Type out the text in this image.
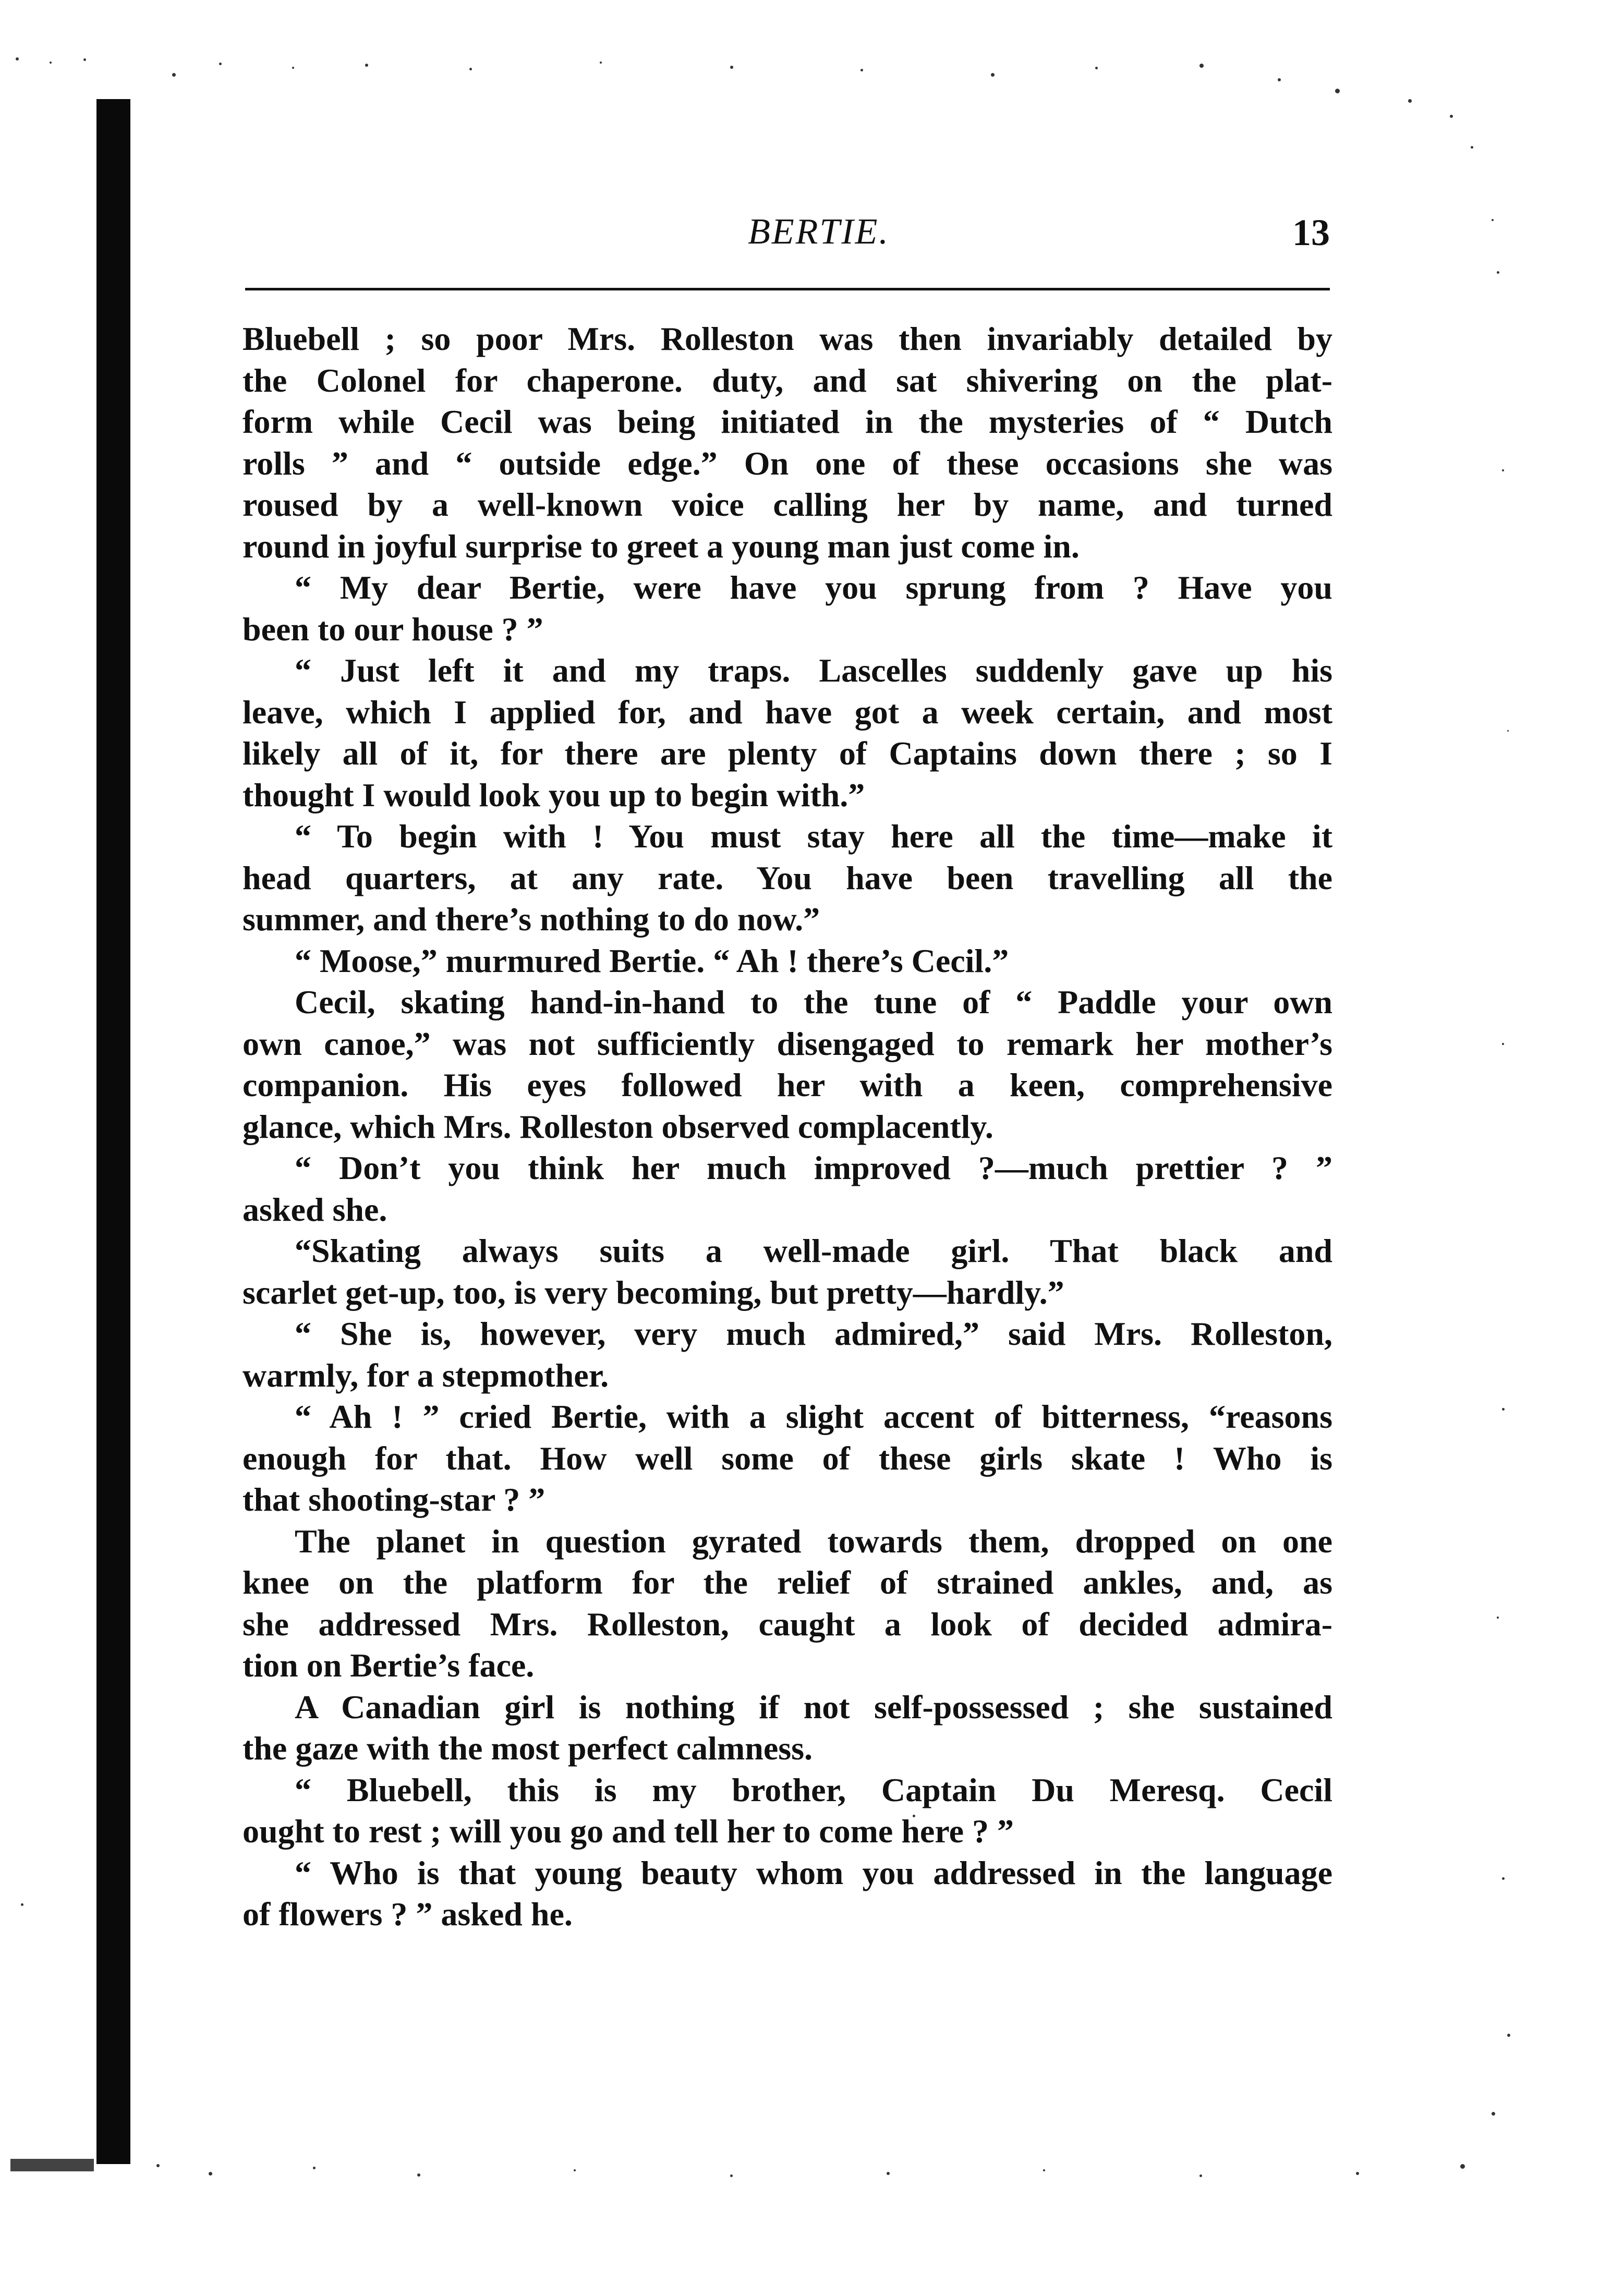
BERTIE.	13
Bluebell ; so poor Mrs. Rolleston was then invariably detailed by
the Colonel for chaperone. duty, and sat shivering on the plat-
form while Cecil was being initiated in the mysteries of “ Dutch
rolls ” and “ outside edge.” On one of these occasions she was
roused by a well-known voice calling her by name, and turned
round in joyful surprise to greet a young man just come in.
“ My dear Bertie, were have you sprung from ? Have you
been to our house ? ”
“ Just left it and my traps. Lascelles suddenly gave up his
leave, which I applied for, and have got a week certain, and most
likely all of it, for there are plenty of Captains down there ; so I
thought I would look you up to begin with.”
“ To begin with ! You must stay here all the time—make it
head quarters, at any rate. You have been travelling all the
summer, and there’s nothing to do now.”
“ Moose,” murmured Bertie. “ Ah ! there’s Cecil.”
Cecil, skating hand-in-hand to the tune of “ Paddle your own
own canoe,” was not sufficiently disengaged to remark her mother’s
companion. His eyes followed her with a keen, comprehensive
glance, which Mrs. Rolleston observed complacently.
“ Don’t you think her much improved ?—much prettier ? ”
asked she.
“Skating always suits a well-made girl. That black and
scarlet get-up, too, is very becoming, but pretty—hardly.”
“ She is, however, very much admired,” said Mrs. Rolleston,
warmly, for a stepmother.
“ Ah ! ” cried Bertie, with a slight accent of bitterness, “reasons
enough for that. How well some of these girls skate ! Who is
that shooting-star ? ”
The planet in question gyrated towards them, dropped on one
knee on the platform for the relief of strained ankles, and, as
she addressed Mrs. Rolleston, caught a look of decided admira-
tion on Bertie’s face.
A Canadian girl is nothing if not self-possessed ; she sustained
the gaze with the most perfect calmness.
“ Bluebell, this is my brother, Captain Du Meresq. Cecil
ought to rest ; will you go and tell her to come here ? ”
“ Who is that young beauty whom you addressed in the language
of flowers ? ” asked he.
